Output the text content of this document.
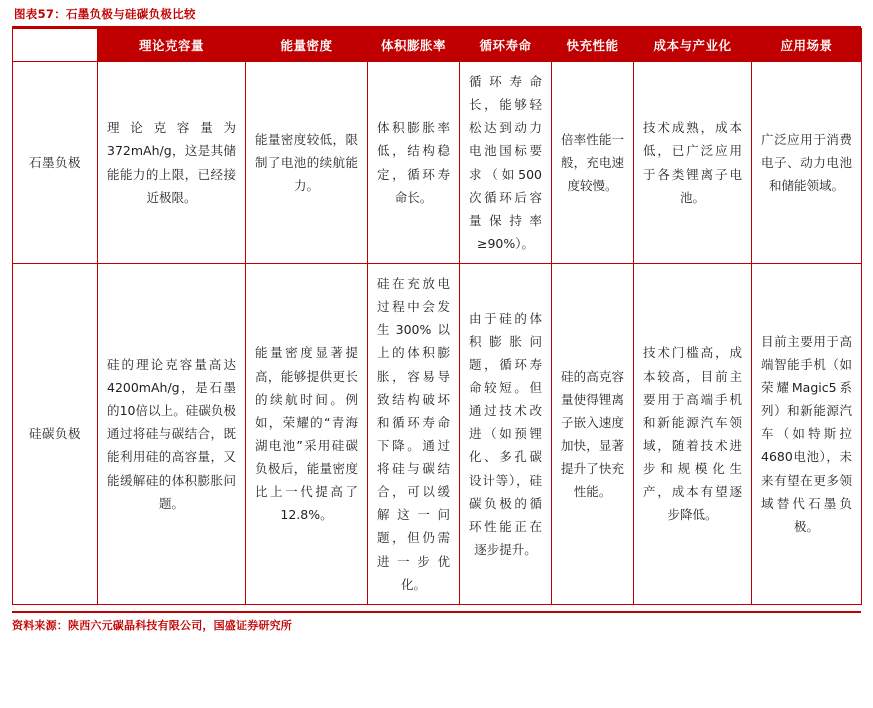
图表57：石墨负极与硅碳负极比较
	理论克容量	能量密度	体积膨胀率	循环寿命	快充性能	成本与产业化	应用场景
石墨负极	理论克容量为372mAh/g，这是其储能能力的上限，已经接近极限。	能量密度较低，限制了电池的续航能力。	体积膨胀率低，结构稳定，循环寿命长。	循环寿命长，能够轻松达到动力电池国标要求（如500次循环后容量保持率≥90%）。	倍率性能一般，充电速度较慢。	技术成熟，成本低，已广泛应用于各类锂离子电池。	广泛应用于消费电子、动力电池和储能领域。

硅碳负极	硅的理论克容量高达4200mAh/g，是石墨的10倍以上。硅碳负极通过将硅与碳结合，既能利用硅的高容量，又能缓解硅的体积膨胀问题。	能量密度显著提高，能够提供更长的续航时间。例如，荣耀的“青海湖电池”采用硅碳负极后，能量密度比上一代提高了12.8%。	硅在充放电过程中会发生300%以上的体积膨胀，容易导致结构破坏和循环寿命下降。通过将硅与碳结合，可以缓解这一问题，但仍需进一步优化。	由于硅的体积膨胀问题，循环寿命较短。但通过技术改进（如预锂化、多孔碳设计等），硅碳负极的循环性能正在逐步提升。	硅的高克容量使得锂离子嵌入速度加快，显著提升了快充性能。	技术门槛高，成本较高，目前主要用于高端手机和新能源汽车领域，随着技术进步和规模化生产，成本有望逐步降低。	目前主要用于高端智能手机（如荣耀Magic5系列）和新能源汽车（如特斯拉4680电池），未来有望在更多领域替代石墨负极。
资料来源：陕西六元碳晶科技有限公司，国盛证券研究所
